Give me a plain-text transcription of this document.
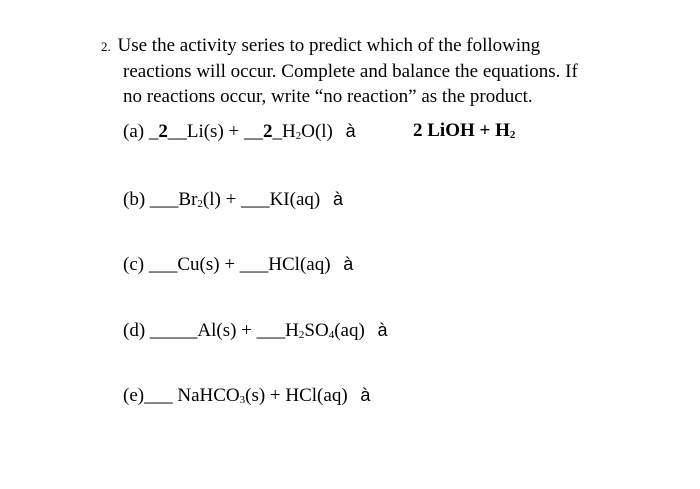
2. Use the activity series to predict which of the following
reactions will occur. Complete and balance the equations. If
no reactions occur, write “no reaction” as the product.
(a) _2__Li(s) + $\_\_2\_H_2O(l)$ à	2 LiOH + $H_2$
(b) $\_\_\_Br_2(l)$ + ___KI(aq) à
(c) ___Cu(s) + ___HCl(aq) à
(d) _____Al(s) + $\_\_\_H_2SO_4(aq)$ à
(e)___ NaHCO$_3$(s) + HCl(aq) à
